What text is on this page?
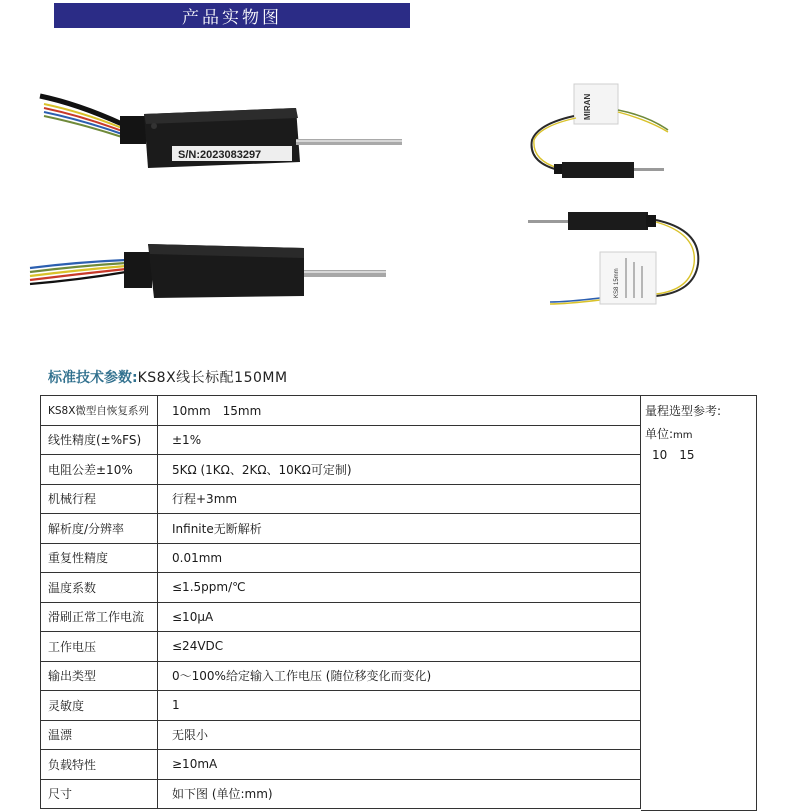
产品实物图
S/N:2023083297
MIRAN
KS8 15mm
标准技术参数:KS8X线长标配150MM
KS8X微型自恢复系列	10mm　15mm
线性精度(±%FS)	±1%
电阻公差±10%	5KΩ (1KΩ、2KΩ、10KΩ可定制)
机械行程	行程+3mm
解析度/分辨率	Infinite无断解析
重复性精度	0.01mm
温度系数	≤1.5ppm/℃
滑刷正常工作电流	≤10μA
工作电压	≤24VDC
输出类型	0～100%给定输入工作电压 (随位移变化而变化)
灵敏度	1
温漂	无限小
负载特性	≥10mA
尺寸	如下图 (单位:mm)
量程选型参考:
单位:mm
10　15
